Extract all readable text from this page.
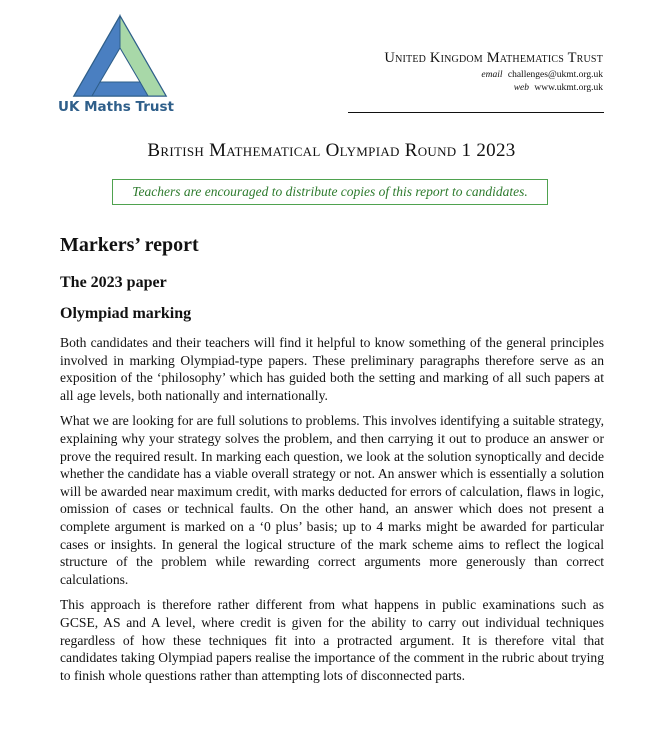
UK Maths Trust
United Kingdom Mathematics Trust
email challenges@ukmt.org.uk
web www.ukmt.org.uk
British Mathematical Olympiad Round 1 2023
Teachers are encouraged to distribute copies of this report to candidates.
Markers’ report
The 2023 paper
Olympiad marking

Both candidates and their teachers will find it helpful to know something of the general principles involved in marking Olympiad-type papers. These preliminary paragraphs therefore serve as an exposition of the ‘philosophy’ which has guided both the setting and marking of all such papers at all age levels, both nationally and internationally.

What we are looking for are full solutions to problems. This involves identifying a suitable strategy, explaining why your strategy solves the problem, and then carrying it out to produce an answer or prove the required result. In marking each question, we look at the solution synoptically and decide whether the candidate has a viable overall strategy or not. An answer which is essentially a solution will be awarded near maximum credit, with marks deducted for errors of calculation, flaws in logic, omission of cases or technical faults. On the other hand, an answer which does not present a complete argument is marked on a ‘0 plus’ basis; up to 4 marks might be awarded for particular cases or insights. In general the logical structure of the mark scheme aims to reflect the logical structure of the problem while rewarding correct arguments more generously than correct calculations.

This approach is therefore rather different from what happens in public examinations such as GCSE, AS and A level, where credit is given for the ability to carry out individual techniques regardless of how these techniques fit into a protracted argument. It is therefore vital that candidates taking Olympiad papers realise the importance of the comment in the rubric about trying to finish whole questions rather than attempting lots of disconnected parts.
